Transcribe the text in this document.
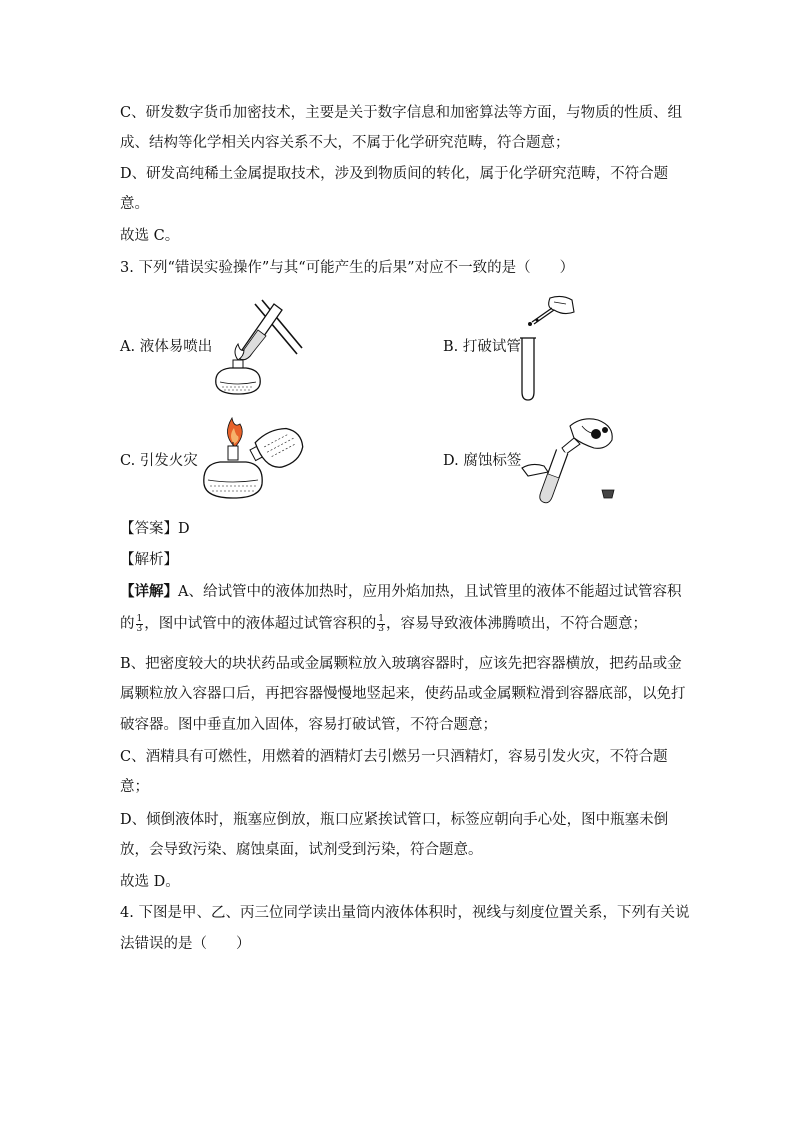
C、研发数字货币加密技术，主要是关于数字信息和加密算法等方面，与物质的性质、组
成、结构等化学相关内容关系不大，不属于化学研究范畴，符合题意；
D、研发高纯稀土金属提取技术，涉及到物质间的转化，属于化学研究范畴，不符合题
意。
故选 C。
3. 下列“错误实验操作”与其“可能产生的后果”对应不一致的是（　　）
A. 液体易喷出	B. 打破试管
C. 引发火灾	D. 腐蚀标签
【答案】D
【解析】
【详解】A、给试管中的液体加热时，应用外焰加热，且试管里的液体不能超过试管容积
的 $\frac{1}{3}$ ，图中试管中的液体超过试管容积的 $\frac{1}{3}$ ，容易导致液体沸腾喷出，不符合题意；
B、把密度较大的块状药品或金属颗粒放入玻璃容器时，应该先把容器横放，把药品或金
属颗粒放入容器口后，再把容器慢慢地竖起来，使药品或金属颗粒滑到容器底部，以免打
破容器。图中垂直加入固体，容易打破试管，不符合题意；
C、酒精具有可燃性，用燃着的酒精灯去引燃另一只酒精灯，容易引发火灾，不符合题
意；
D、倾倒液体时，瓶塞应倒放，瓶口应紧挨试管口，标签应朝向手心处，图中瓶塞未倒
放，会导致污染、腐蚀桌面，试剂受到污染，符合题意。
故选 D。
4. 下图是甲、乙、丙三位同学读出量筒内液体体积时，视线与刻度位置关系，下列有关说
法错误的是（　　）
